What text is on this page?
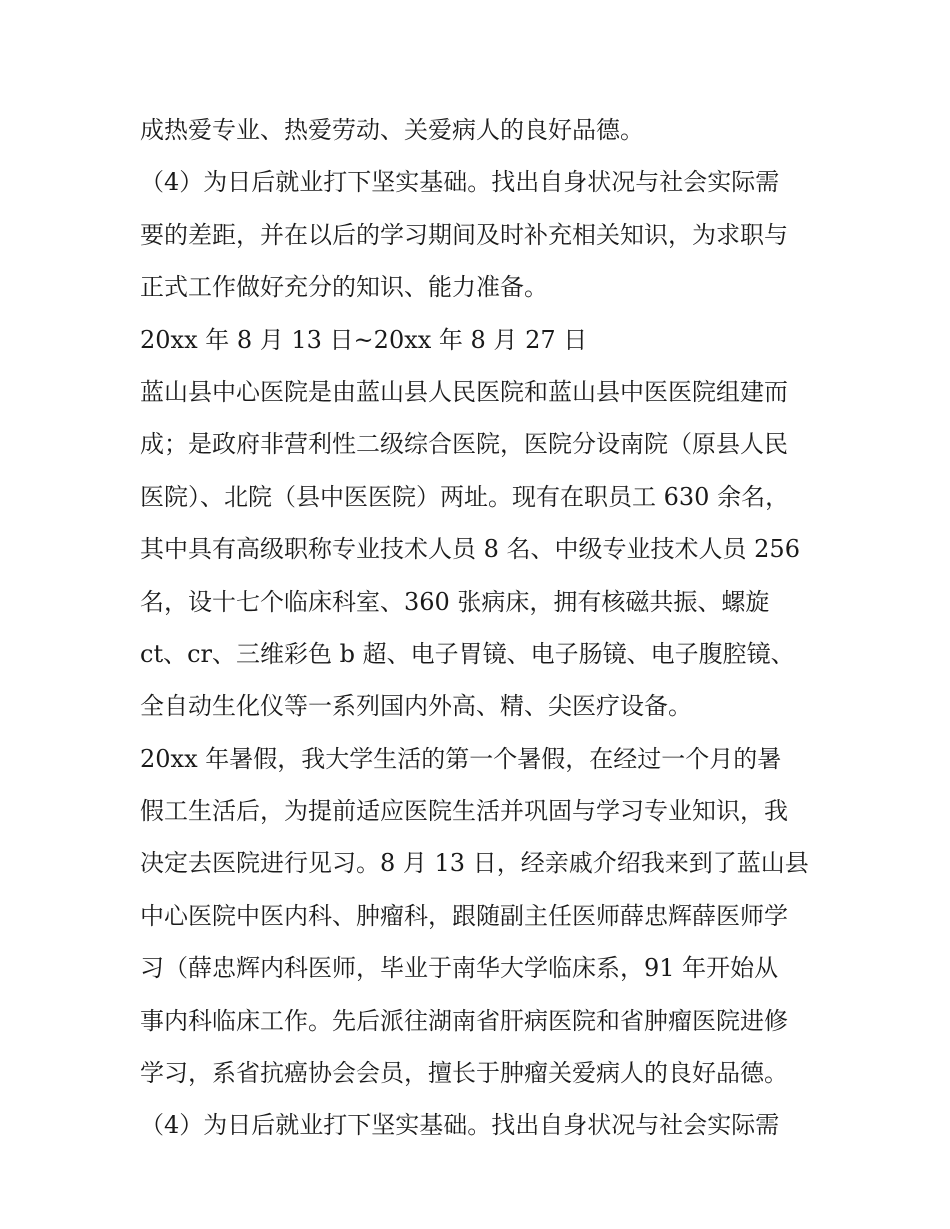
成热爱专业、热爱劳动、关爱病人的良好品德。
（4）为日后就业打下坚实基础。找出自身状况与社会实际需
要的差距，并在以后的学习期间及时补充相关知识，为求职与
正式工作做好充分的知识、能力准备。
20xx 年 8 月 13 日~20xx 年 8 月 27 日
蓝山县中心医院是由蓝山县人民医院和蓝山县中医医院组建而
成；是政府非营利性二级综合医院，医院分设南院（原县人民
医院）、北院（县中医医院）两址。现有在职员工 630 余名，
其中具有高级职称专业技术人员 8 名、中级专业技术人员 256
名，设十七个临床科室、360 张病床，拥有核磁共振、螺旋
ct、cr、三维彩色 b 超、电子胃镜、电子肠镜、电子腹腔镜、
全自动生化仪等一系列国内外高、精、尖医疗设备。
20xx 年暑假，我大学生活的第一个暑假，在经过一个月的暑
假工生活后，为提前适应医院生活并巩固与学习专业知识，我
决定去医院进行见习。8 月 13 日，经亲戚介绍我来到了蓝山县
中心医院中医内科、肿瘤科，跟随副主任医师薛忠辉薛医师学
习（薛忠辉内科医师，毕业于南华大学临床系，91 年开始从
事内科临床工作。先后派往湖南省肝病医院和省肿瘤医院进修
学习，系省抗癌协会会员，擅长于肿瘤关爱病人的良好品德。
（4）为日后就业打下坚实基础。找出自身状况与社会实际需
